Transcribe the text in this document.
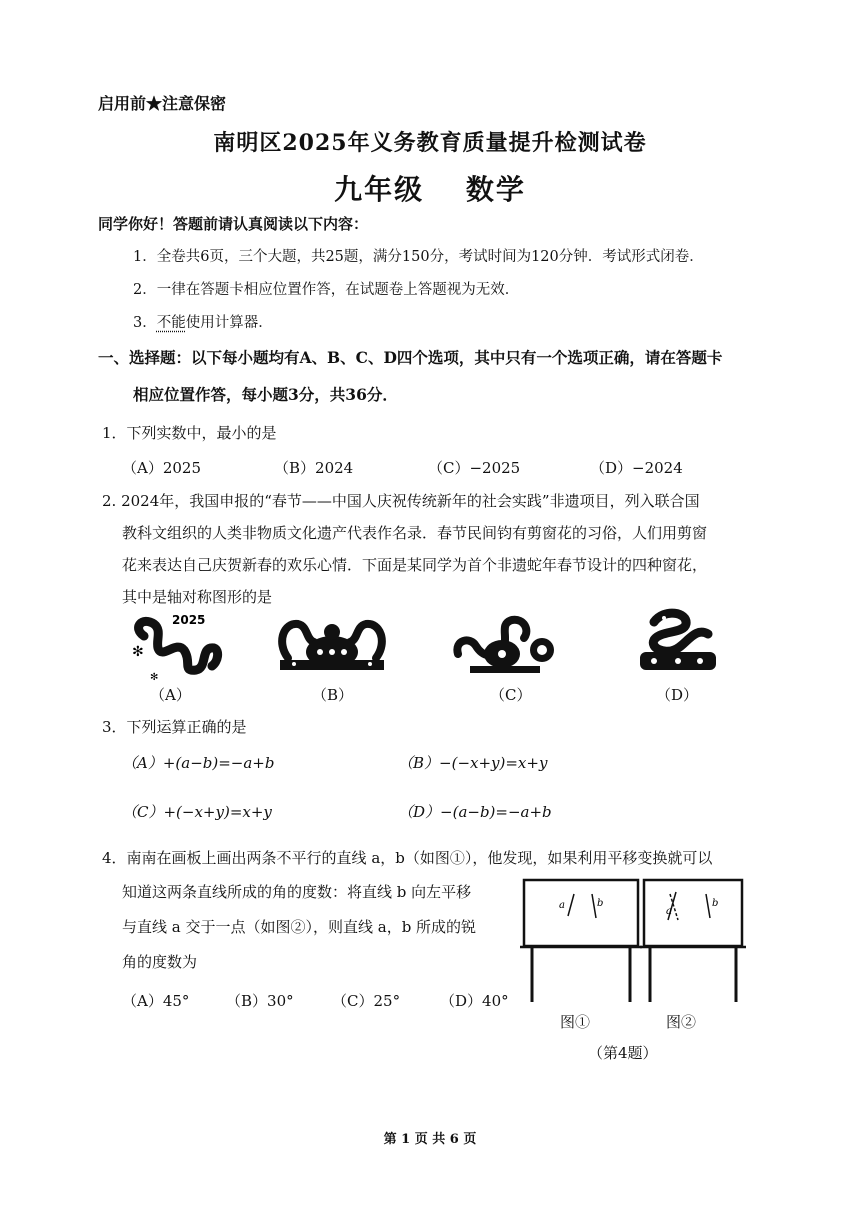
启用前★注意保密
南明区2025年义务教育质量提升检测试卷
九年级　 数学
同学你好！答题前请认真阅读以下内容：
1．全卷共6页，三个大题，共25题，满分150分，考试时间为120分钟．考试形式闭卷．
2．一律在答题卡相应位置作答，在试题卷上答题视为无效．
3．不能使用计算器．
一、选择题：以下每小题均有A、B、C、D四个选项，其中只有一个选项正确，请在答题卡
相应位置作答，每小题3分，共36分．
1．下列实数中，最小的是
（A）2025	（B）2024	（C）−2025	（D）−2024
2. 2024年，我国申报的“春节——中国人庆祝传统新年的社会实践”非遗项目，列入联合国
教科文组织的人类非物质文化遗产代表作名录．春节民间钧有剪窗花的习俗，人们用剪窗
花来表达自己庆贺新春的欢乐心情．下面是某同学为首个非遗蛇年春节设计的四种窗花，
其中是轴对称图形的是
2025
✻
✻
（A）	（B）	（C）	（D）
3．下列运算正确的是
（A）+(a−b)=−a+b	（B）−(−x+y)=x+y
（C）+(−x+y)=x+y	（D）−(a−b)=−a+b
4．南南在画板上画出两条不平行的直线 a，b（如图①），他发现，如果利用平移变换就可以
知道这两条直线所成的角的度数：将直线 b 向左平移
与直线 a 交于一点（如图②），则直线 a，b 所成的锐
角的度数为
（A）45° （B）30°	（C）25°	（D）40°
a	b
a
b
图①	图②
（第4题）
第 1 页 共 6 页
